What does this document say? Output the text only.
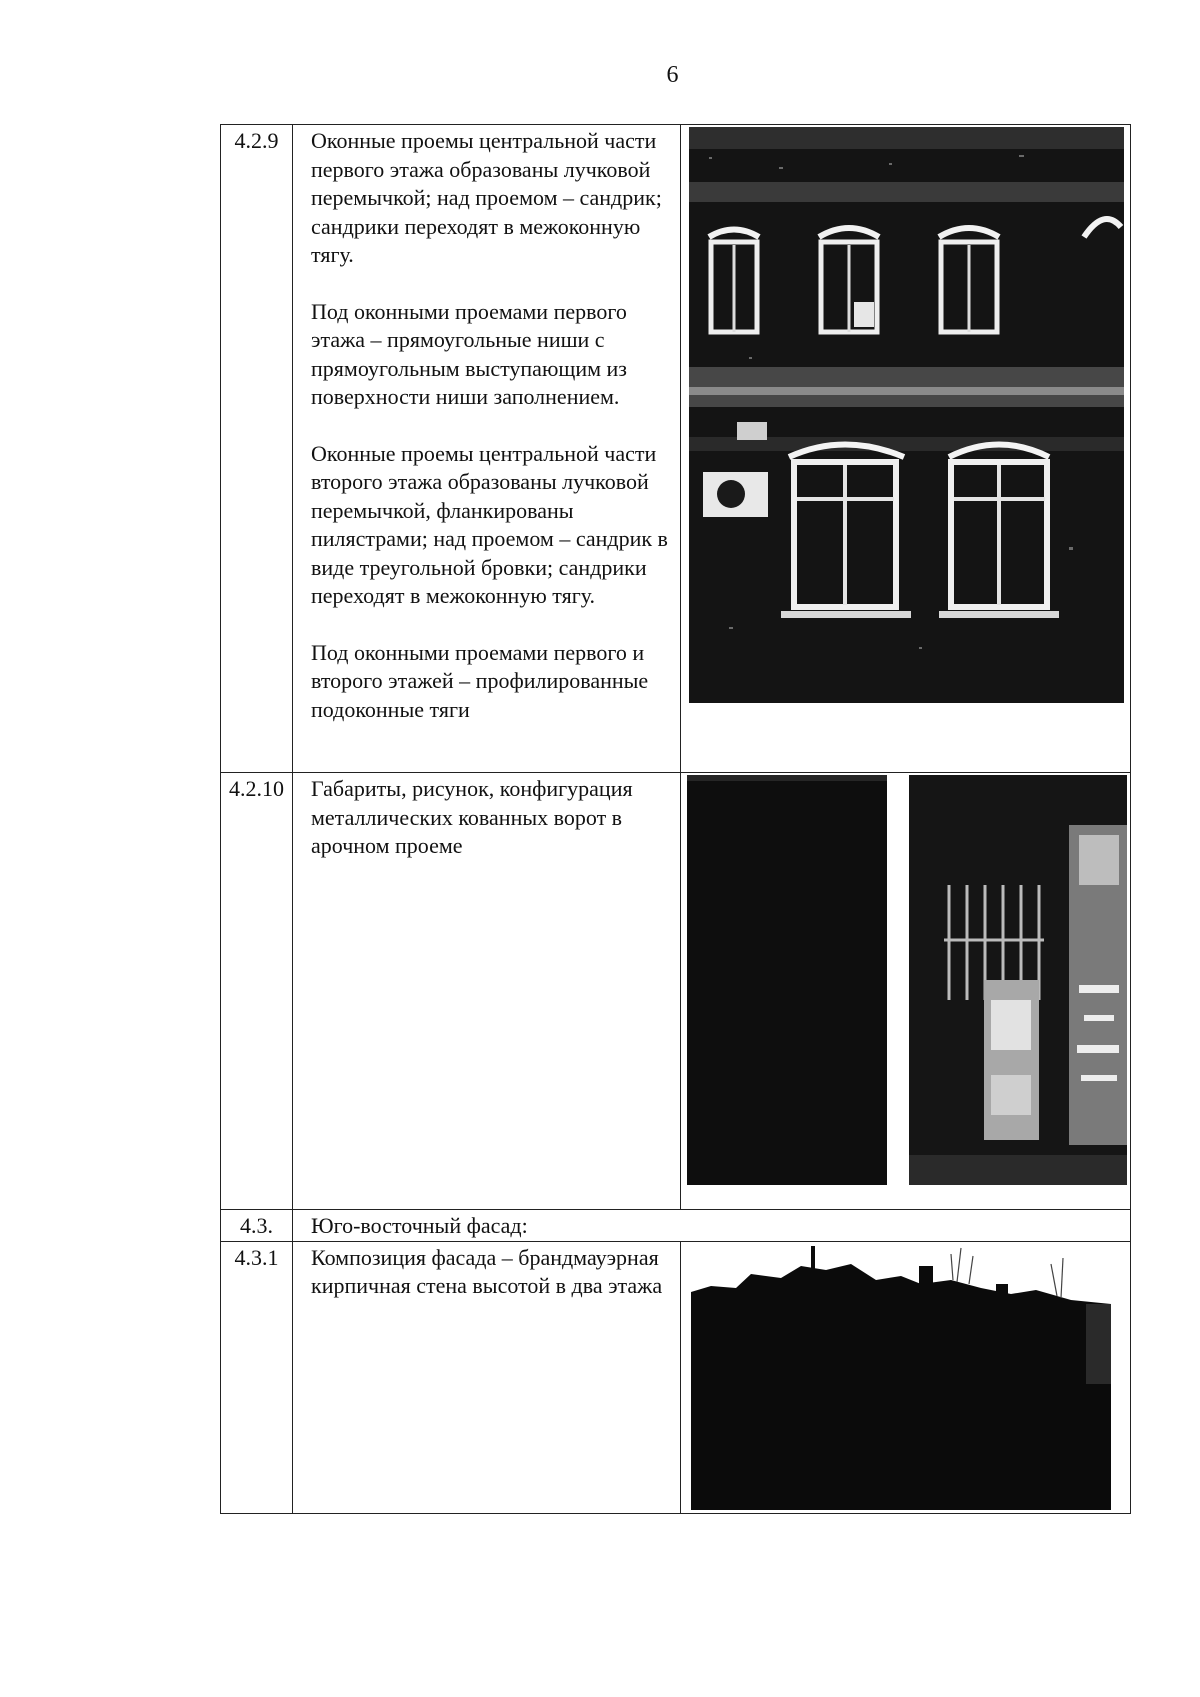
6
4.2.9	Оконные проемы центральной части первого этажа образованы лучковой перемычкой; над проемом – сандрик; сандрики переходят в межоконную тягу.

Под оконными проемами первого этажа – прямоугольные ниши с прямоугольным выступающим из поверхности ниши заполнением.

Оконные проемы центральной части второго этажа образованы лучковой перемычкой, фланкированы пилястрами; над проемом – сандрик в виде треугольной бровки; сандрики переходят в межоконную тягу.

Под оконными проемами первого и второго этажей – профилированные подоконные тяги

4.2.10	Габариты, рисунок, конфигурация металлических кованных ворот в арочном проеме

4.3.	Юго-восточный фасад:	
4.3.1	Композиция фасада – брандмауэрная кирпичная стена высотой в два этажа
